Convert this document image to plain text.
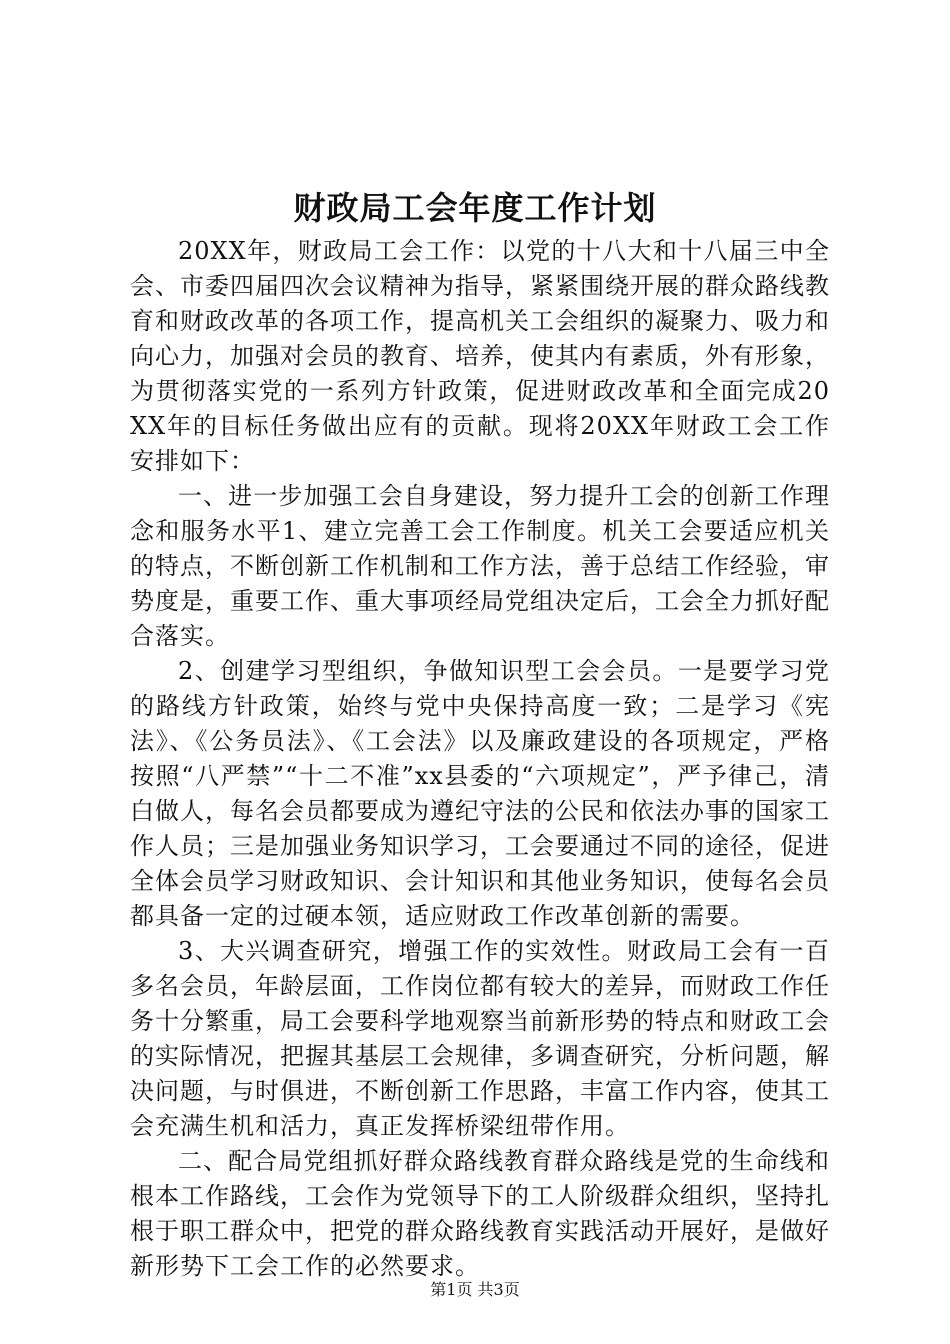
财政局工会年度工作计划

20XX年，财政局工会工作：以党的十八大和十八届三中全会、市委四届四次会议精神为指导，紧紧围绕开展的群众路线教育和财政改革的各项工作，提高机关工会组织的凝聚力、吸力和向心力，加强对会员的教育、培养，使其内有素质，外有形象，为贯彻落实党的一系列方针政策，促进财政改革和全面完成20XX年的目标任务做出应有的贡献。现将20XX年财政工会工作安排如下：

一、进一步加强工会自身建设，努力提升工会的创新工作理念和服务水平1、建立完善工会工作制度。机关工会要适应机关的特点，不断创新工作机制和工作方法，善于总结工作经验，审势度是，重要工作、重大事项经局党组决定后，工会全力抓好配合落实。

2、创建学习型组织，争做知识型工会会员。一是要学习党的路线方针政策，始终与党中央保持高度一致；二是学习《宪法》、《公务员法》、《工会法》以及廉政建设的各项规定，严格按照“八严禁”“十二不准”xx县委的“六项规定”，严予律己，清白做人，每名会员都要成为遵纪守法的公民和依法办事的国家工作人员；三是加强业务知识学习，工会要通过不同的途径，促进全体会员学习财政知识、会计知识和其他业务知识，使每名会员都具备一定的过硬本领，适应财政工作改革创新的需要。

3、大兴调查研究，增强工作的实效性。财政局工会有一百多名会员，年龄层面，工作岗位都有较大的差异，而财政工作任务十分繁重，局工会要科学地观察当前新形势的特点和财政工会的实际情况，把握其基层工会规律，多调查研究，分析问题，解决问题，与时俱进，不断创新工作思路，丰富工作内容，使其工会充满生机和活力，真正发挥桥梁纽带作用。

二、配合局党组抓好群众路线教育群众路线是党的生命线和根本工作路线，工会作为党领导下的工人阶级群众组织，坚持扎根于职工群众中，把党的群众路线教育实践活动开展好，是做好新形势下工会工作的必然要求。

第1页 共3页
